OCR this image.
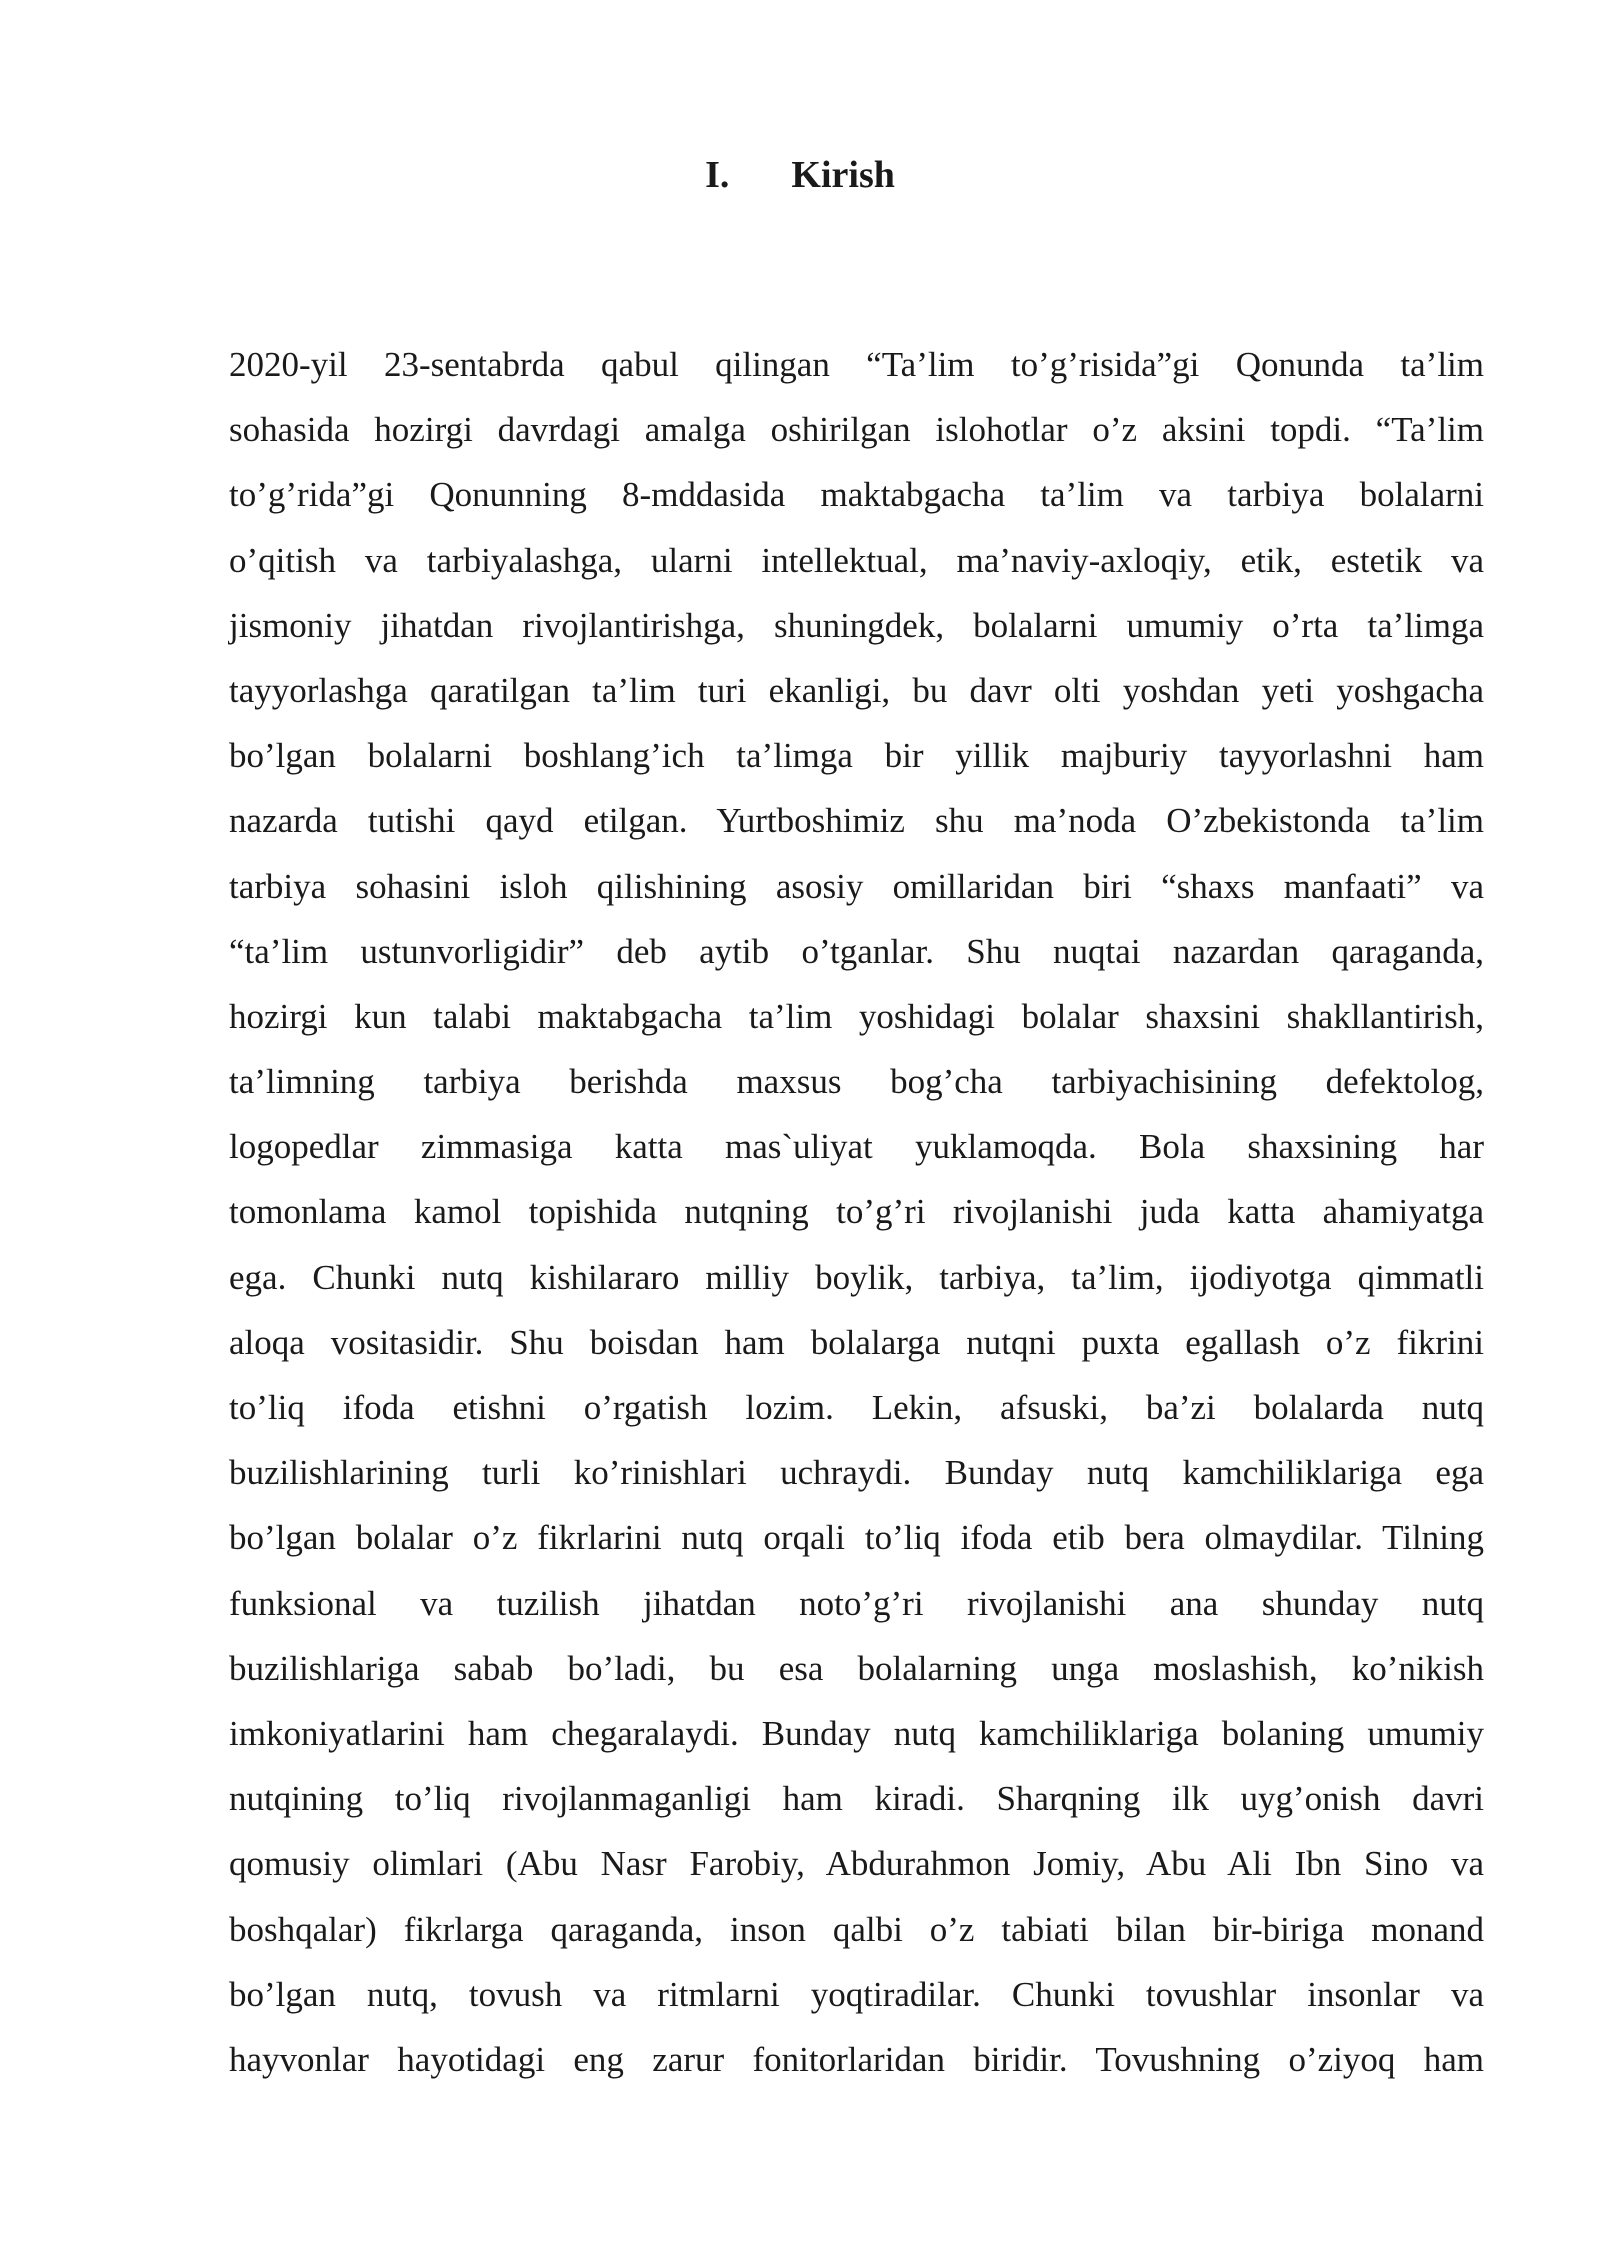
I. Kirish
2020-yil 23-sentabrda qabul qilingan “Ta’lim to’g’risida”gi Qonunda ta’lim
sohasida hozirgi davrdagi amalga oshirilgan islohotlar o’z aksini topdi. “Ta’lim
to’g’rida”gi Qonunning 8-mddasida maktabgacha ta’lim va tarbiya bolalarni
o’qitish va tarbiyalashga, ularni intellektual, ma’naviy-axloqiy, etik, estetik va
jismoniy jihatdan rivojlantirishga, shuningdek, bolalarni umumiy o’rta ta’limga
tayyorlashga qaratilgan ta’lim turi ekanligi, bu davr olti yoshdan yeti yoshgacha
bo’lgan bolalarni boshlang’ich ta’limga bir yillik majburiy tayyorlashni ham
nazarda tutishi qayd etilgan. Yurtboshimiz shu ma’noda O’zbekistonda ta’lim
tarbiya sohasini isloh qilishining asosiy omillaridan biri “shaxs manfaati” va
“ta’lim ustunvorligidir” deb aytib o’tganlar. Shu nuqtai nazardan qaraganda,
hozirgi kun talabi maktabgacha ta’lim yoshidagi bolalar shaxsini shakllantirish,
ta’limning tarbiya berishda maxsus bog’cha tarbiyachisining defektolog,
logopedlar zimmasiga katta mas`uliyat yuklamoqda. Bola shaxsining har
tomonlama kamol topishida nutqning to’g’ri rivojlanishi juda katta ahamiyatga
ega. Chunki nutq kishilararo milliy boylik, tarbiya, ta’lim, ijodiyotga qimmatli
aloqa vositasidir. Shu boisdan ham bolalarga nutqni puxta egallash o’z fikrini
to’liq ifoda etishni o’rgatish lozim. Lekin, afsuski, ba’zi bolalarda nutq
buzilishlarining turli ko’rinishlari uchraydi. Bunday nutq kamchiliklariga ega
bo’lgan bolalar o’z fikrlarini nutq orqali to’liq ifoda etib bera olmaydilar. Tilning
funksional va tuzilish jihatdan noto’g’ri rivojlanishi ana shunday nutq
buzilishlariga sabab bo’ladi, bu esa bolalarning unga moslashish, ko’nikish
imkoniyatlarini ham chegaralaydi. Bunday nutq kamchiliklariga bolaning umumiy
nutqining to’liq rivojlanmaganligi ham kiradi. Sharqning ilk uyg’onish davri
qomusiy olimlari (Abu Nasr Farobiy, Abdurahmon Jomiy, Abu Ali Ibn Sino va
boshqalar) fikrlarga qaraganda, inson qalbi o’z tabiati bilan bir-biriga monand
bo’lgan nutq, tovush va ritmlarni yoqtiradilar. Chunki tovushlar insonlar va
hayvonlar hayotidagi eng zarur fonitorlaridan biridir. Tovushning o’ziyoq ham
